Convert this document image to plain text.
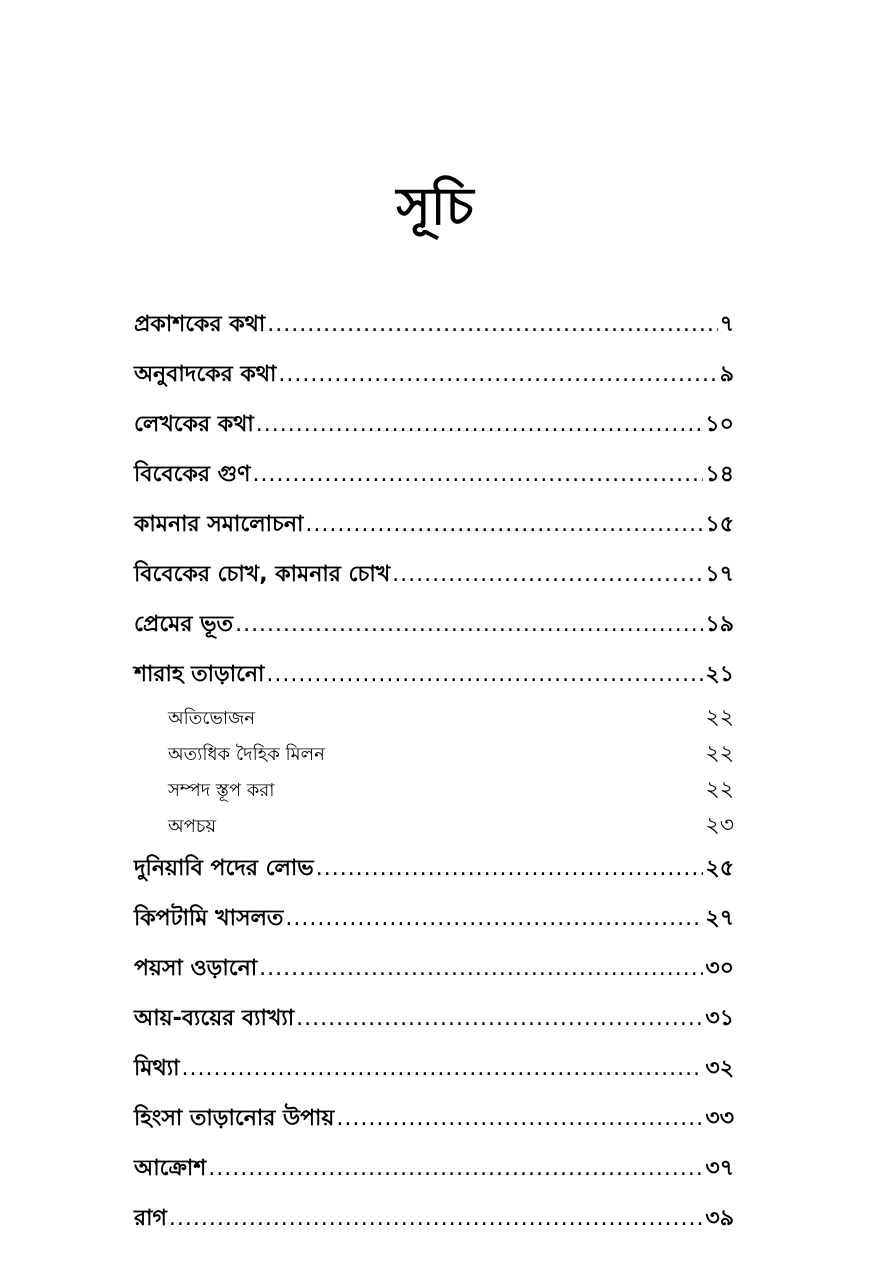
সূচি
প্রকাশকের কথা .....	৭
অনুবাদকের কথা .....	৯
লেখকের কথা .....	১০
বিবেকের গুণ .....	১৪
কামনার সমালোচনা .....	১৫
বিবেকের চোখ, কামনার চোখ .....	১৭
প্রেমের ভূত .....	১৯
শারাহ তাড়ানো .....	২১
অতিভোজন	২২
অত্যধিক দৈহিক মিলন	২২
সম্পদ স্তূপ করা	২২
অপচয়	২৩
দুনিয়াবি পদের লোভ .....	২৫
কিপটামি খাসলত .....	২৭
পয়সা ওড়ানো .....	৩০
আয়-ব্যয়ের ব্যাখ্যা .....	৩১
মিথ্যা .....	৩২
হিংসা তাড়ানোর উপায় .....	৩৩
আক্রোশ .....	৩৭
রাগ .....	৩৯
